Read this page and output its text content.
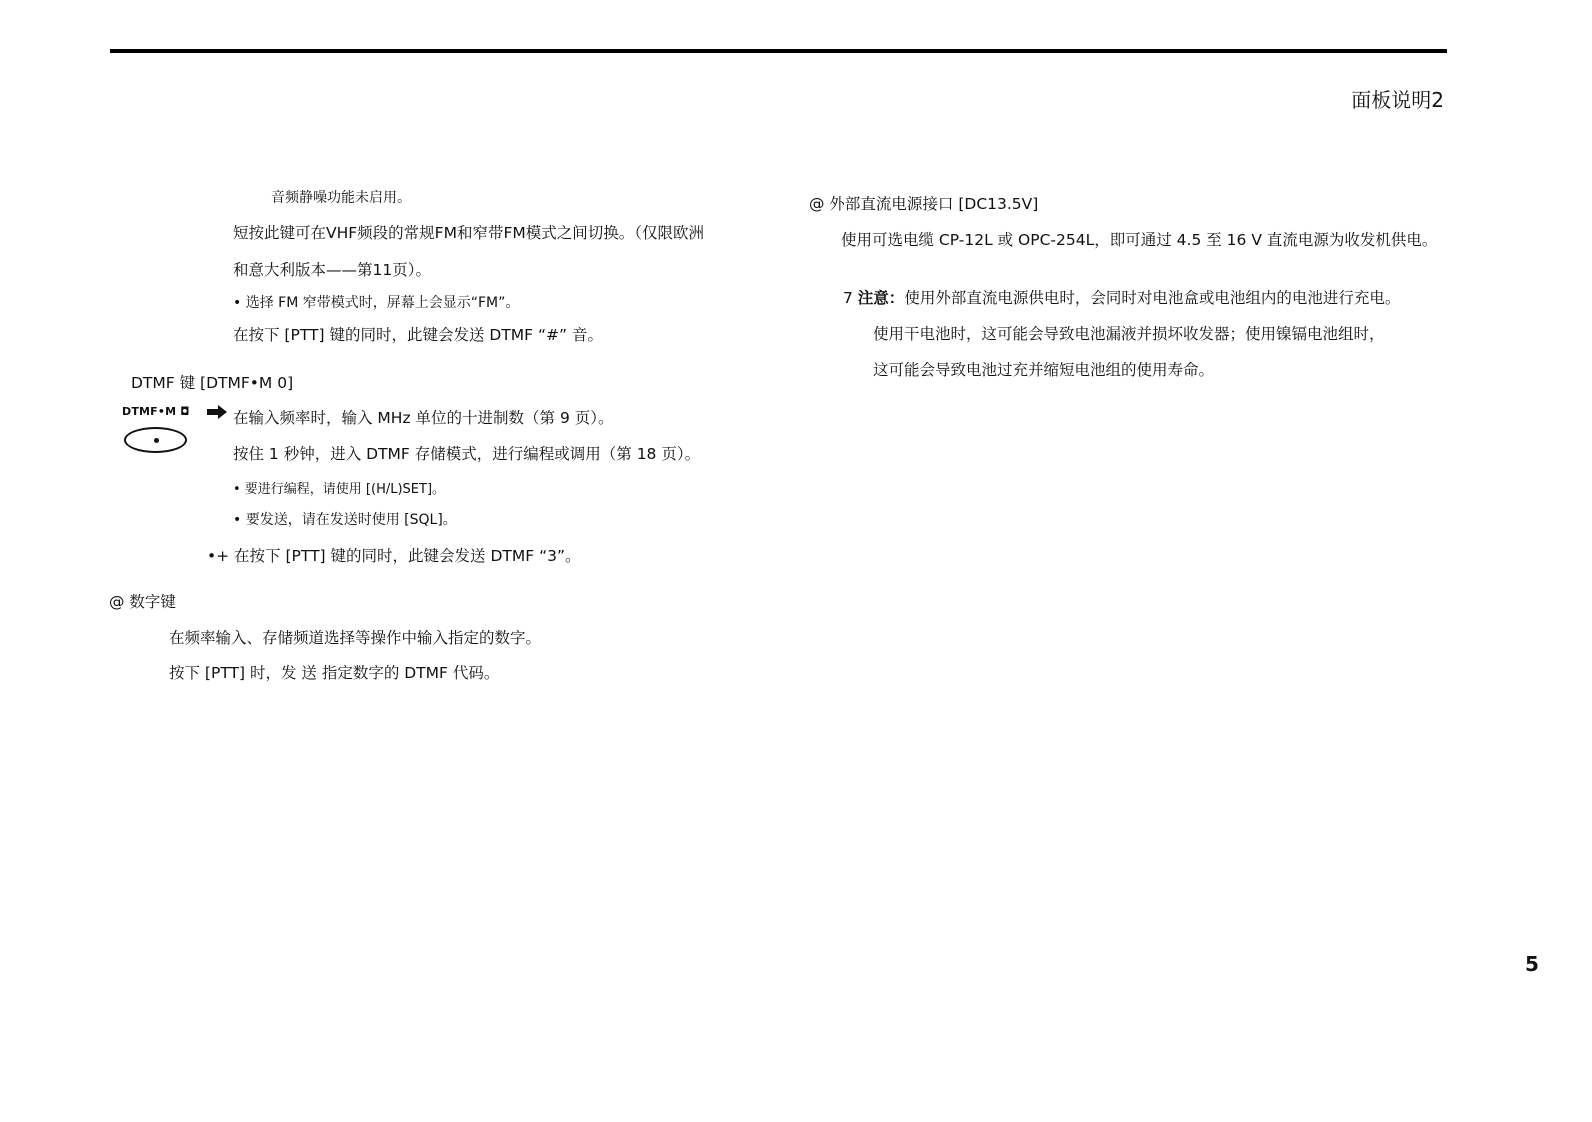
面板说明2
音频静噪功能未启用。
短按此键可在VHF频段的常规FM和窄带FM模式之间切换。（仅限欧洲
和意大利版本——第11页）。
• 选择 FM 窄带模式时，屏幕上会显示“FM”。
在按下 [PTT] 键的同时，此键会发送 DTMF “#” 音。
DTMF 键 [DTMF•M 0]
DTMF•M ◘	在输入频率时，输入 MHz 单位的十进制数（第 9 页）。
按住 1 秒钟，进入 DTMF 存储模式，进行编程或调用（第 18 页）。
• 要进行编程，请使用 [(H/L)SET]。
• 要发送，请在发送时使用 [SQL]。
•+ 在按下 [PTT] 键的同时，此键会发送 DTMF “3”。
@ 数字键
在频率输入、存储频道选择等操作中输入指定的数字。
按下 [PTT] 时，发 送 指定数字的 DTMF 代码。
@ 外部直流电源接口 [DC13.5V]
使用可选电缆 CP-12L 或 OPC-254L，即可通过 4.5 至 16 V 直流电源为收发机供电。
7 注意：使用外部直流电源供电时，会同时对电池盒或电池组内的电池进行充电。
使用干电池时，这可能会导致电池漏液并损坏收发器；使用镍镉电池组时，
这可能会导致电池过充并缩短电池组的使用寿命。
5
